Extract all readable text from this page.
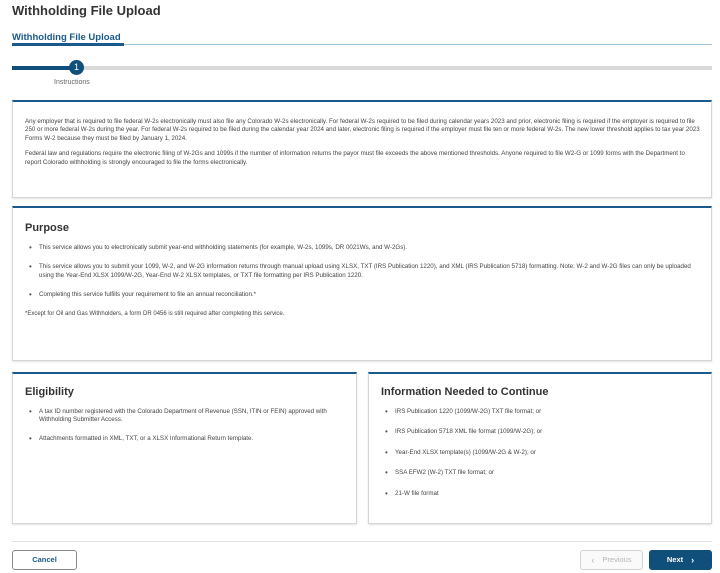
Withholding File Upload
Withholding File Upload
1
Instructions

Any employer that is required to file federal W-2s electronically must also file any Colorado W-2s electronically. For federal W-2s required to be filed during calendar years 2023 and prior, electronic filing is required if the employer is required to file 250 or more federal W-2s during the year. For federal W-2s required to be filed during the calendar year 2024 and later, electronic filing is required if the employer must file ten or more federal W-2s. The new lower threshold applies to tax year 2023 Forms W-2 because they must be filed by January 1, 2024.

Federal law and regulations require the electronic filing of W-2Gs and 1099s if the number of information returns the payor must file exceeds the above mentioned thresholds. Anyone required to file W2-G or 1099 forms with the Department to report Colorado withholding is strongly encouraged to file the forms electronically.

Purpose
• This service allows you to electronically submit year-end withholding statements (for example, W-2s, 1099s, DR 0021Ws, and W-2Gs).
• This service allows you to submit your 1099, W-2, and W-2G information returns through manual upload using XLSX, TXT (IRS Publication 1220), and XML (IRS Publication 5718) formatting. Note: W-2 and W-2G files can only be uploaded using the Year-End XLSX 1099/W-2G, Year-End W-2 XLSX templates, or TXT file formatting per IRS Publication 1220.
• Completing this service fulfills your requirement to file an annual reconciliation.*
*Except for Oil and Gas Withholders, a form DR 0456 is still required after completing this service.
Eligibility
• A tax ID number registered with the Colorado Department of Revenue (SSN, ITIN or FEIN) approved with Withholding Submitter Access.
• Attachments formatted in XML, TXT, or a XLSX Informational Return template.
Information Needed to Continue
• IRS Publication 1220 (1099/W-2G) TXT file format; or
• IRS Publication 5718 XML file format (1099/W-2G); or
• Year-End XLSX template(s) (1099/W-2G & W-2); or
• SSA EFW2 (W-2) TXT file format; or
• 21-W file format
Cancel	‹ Previous	Next ›
